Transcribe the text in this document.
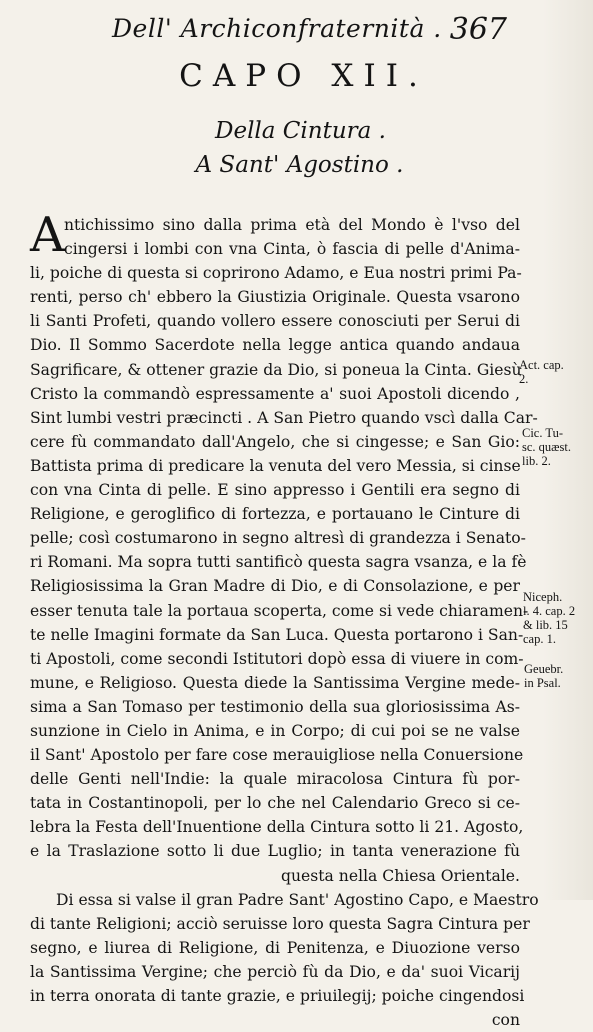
Dell' Archiconfraternità . 367
CAPO XII.
Della Cintura .
A Sant' Agostino .
A ntichissimo sino dalla prima età del Mondo è l'vso del
cingersi i lombi con vna Cinta, ò fascia di pelle d'Anima-
li, poiche di questa si coprirono Adamo, e Eua nostri primi Pa-
renti, perso ch' ebbero la Giustizia Originale. Questa vsarono
li Santi Profeti, quando vollero essere conosciuti per Serui di
Dio. Il Sommo Sacerdote nella legge antica quando andaua
Sagrificare, & ottener grazie da Dio, si poneua la Cinta. Giesù
Cristo la commandò espressamente a' suoi Apostoli dicendo ,
Sint lumbi vestri præcincti . A San Pietro quando vscì dalla Car-
cere fù commandato dall'Angelo, che si cingesse; e San Gio:
Battista prima di predicare la venuta del vero Messia, si cinse
con vna Cinta di pelle. E sino appresso i Gentili era segno di
Religione, e geroglifico di fortezza, e portauano le Cinture di
pelle; così costumarono in segno altresì di grandezza i Senato-
ri Romani. Ma sopra tutti santificò questa sagra vsanza, e la fè
Religiosissima la Gran Madre di Dio, e di Consolazione, e per
esser tenuta tale la portaua scoperta, come si vede chiaramen-
te nelle Imagini formate da San Luca. Questa portarono i San-
ti Apostoli, come secondi Istitutori dopò essa di viuere in com-
mune, e Religioso. Questa diede la Santissima Vergine mede-
sima a San Tomaso per testimonio della sua gloriosissima As-
sunzione in Cielo in Anima, e in Corpo; di cui poi se ne valse
il Sant' Apostolo per fare cose merauigliose nella Conuersione
delle Genti nell'Indie: la quale miracolosa Cintura fù por-
tata in Costantinopoli, per lo che nel Calendario Greco si ce-
lebra la Festa dell'Inuentione della Cintura sotto li 21. Agosto,
e la Traslazione sotto li due Luglio; in tanta venerazione fù
questa nella Chiesa Orientale.
Di essa si valse il gran Padre Sant' Agostino Capo, e Maestro
di tante Religioni; acciò seruisse loro questa Sagra Cintura per
segno, e liurea di Religione, di Penitenza, e Diuozione verso
la Santissima Vergine; che perciò fù da Dio, e da' suoi Vicarij
in terra onorata di tante grazie, e priuilegij; poiche cingendosi
con
Act. cap.
2.
Cic. Tu-
sc. quæst.
lib. 2.
Niceph.
l. 4. cap. 2
& lib. 15
cap. 1.
Geuebr.
in Psal.
